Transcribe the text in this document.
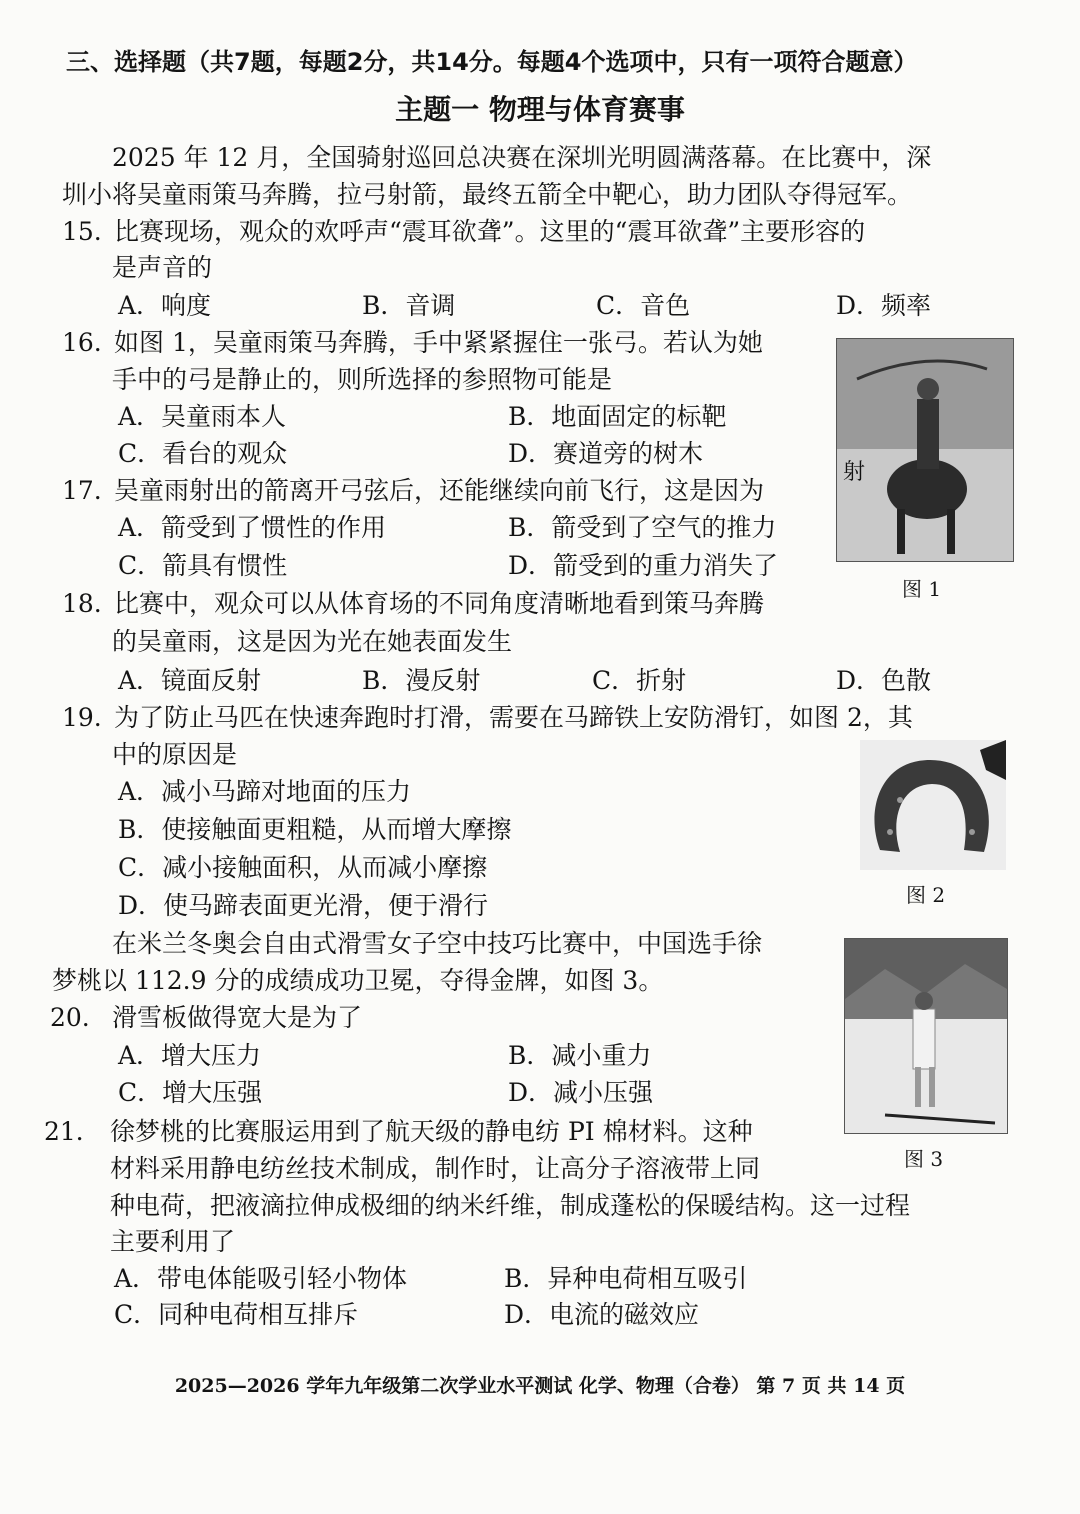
三、选择题（共7题，每题2分，共14分。每题4个选项中，只有一项符合题意）
主题一 物理与体育赛事
2025 年 12 月，全国骑射巡回总决赛在深圳光明圆满落幕。在比赛中，深
圳小将吴童雨策马奔腾，拉弓射箭，最终五箭全中靶心，助力团队夺得冠军。
15. 比赛现场，观众的欢呼声“震耳欲聋”。这里的“震耳欲聋”主要形容的
是声音的
A．响度	B．音调	C．音色	D．频率
16. 如图 1，吴童雨策马奔腾，手中紧紧握住一张弓。若认为她
手中的弓是静止的，则所选择的参照物可能是
A．吴童雨本人	B．地面固定的标靶
C．看台的观众	D．赛道旁的树木
17. 吴童雨射出的箭离开弓弦后，还能继续向前飞行，这是因为
A．箭受到了惯性的作用	B．箭受到了空气的推力
C．箭具有惯性	D．箭受到的重力消失了
射
图 1
18. 比赛中，观众可以从体育场的不同角度清晰地看到策马奔腾
的吴童雨，这是因为光在她表面发生
A．镜面反射	B．漫反射	C．折射	D．色散
19. 为了防止马匹在快速奔跑时打滑，需要在马蹄铁上安防滑钉，如图 2，其
中的原因是
A．减小马蹄对地面的压力
B．使接触面更粗糙，从而增大摩擦
C．减小接触面积，从而减小摩擦
D．使马蹄表面更光滑，便于滑行	图 2
在米兰冬奥会自由式滑雪女子空中技巧比赛中，中国选手徐
梦桃以 112.9 分的成绩成功卫冕，夺得金牌，如图 3。
图 3
20. 滑雪板做得宽大是为了
A．增大压力	B．减小重力
C．增大压强	D．减小压强
21． 徐梦桃的比赛服运用到了航天级的静电纺 PI 棉材料。这种
材料采用静电纺丝技术制成，制作时，让高分子溶液带上同
种电荷，把液滴拉伸成极细的纳米纤维，制成蓬松的保暖结构。这一过程
主要利用了
A．带电体能吸引轻小物体	B．异种电荷相互吸引
C．同种电荷相互排斥	D．电流的磁效应
2025—2026 学年九年级第二次学业水平测试 化学、物理（合卷） 第 7 页 共 14 页
